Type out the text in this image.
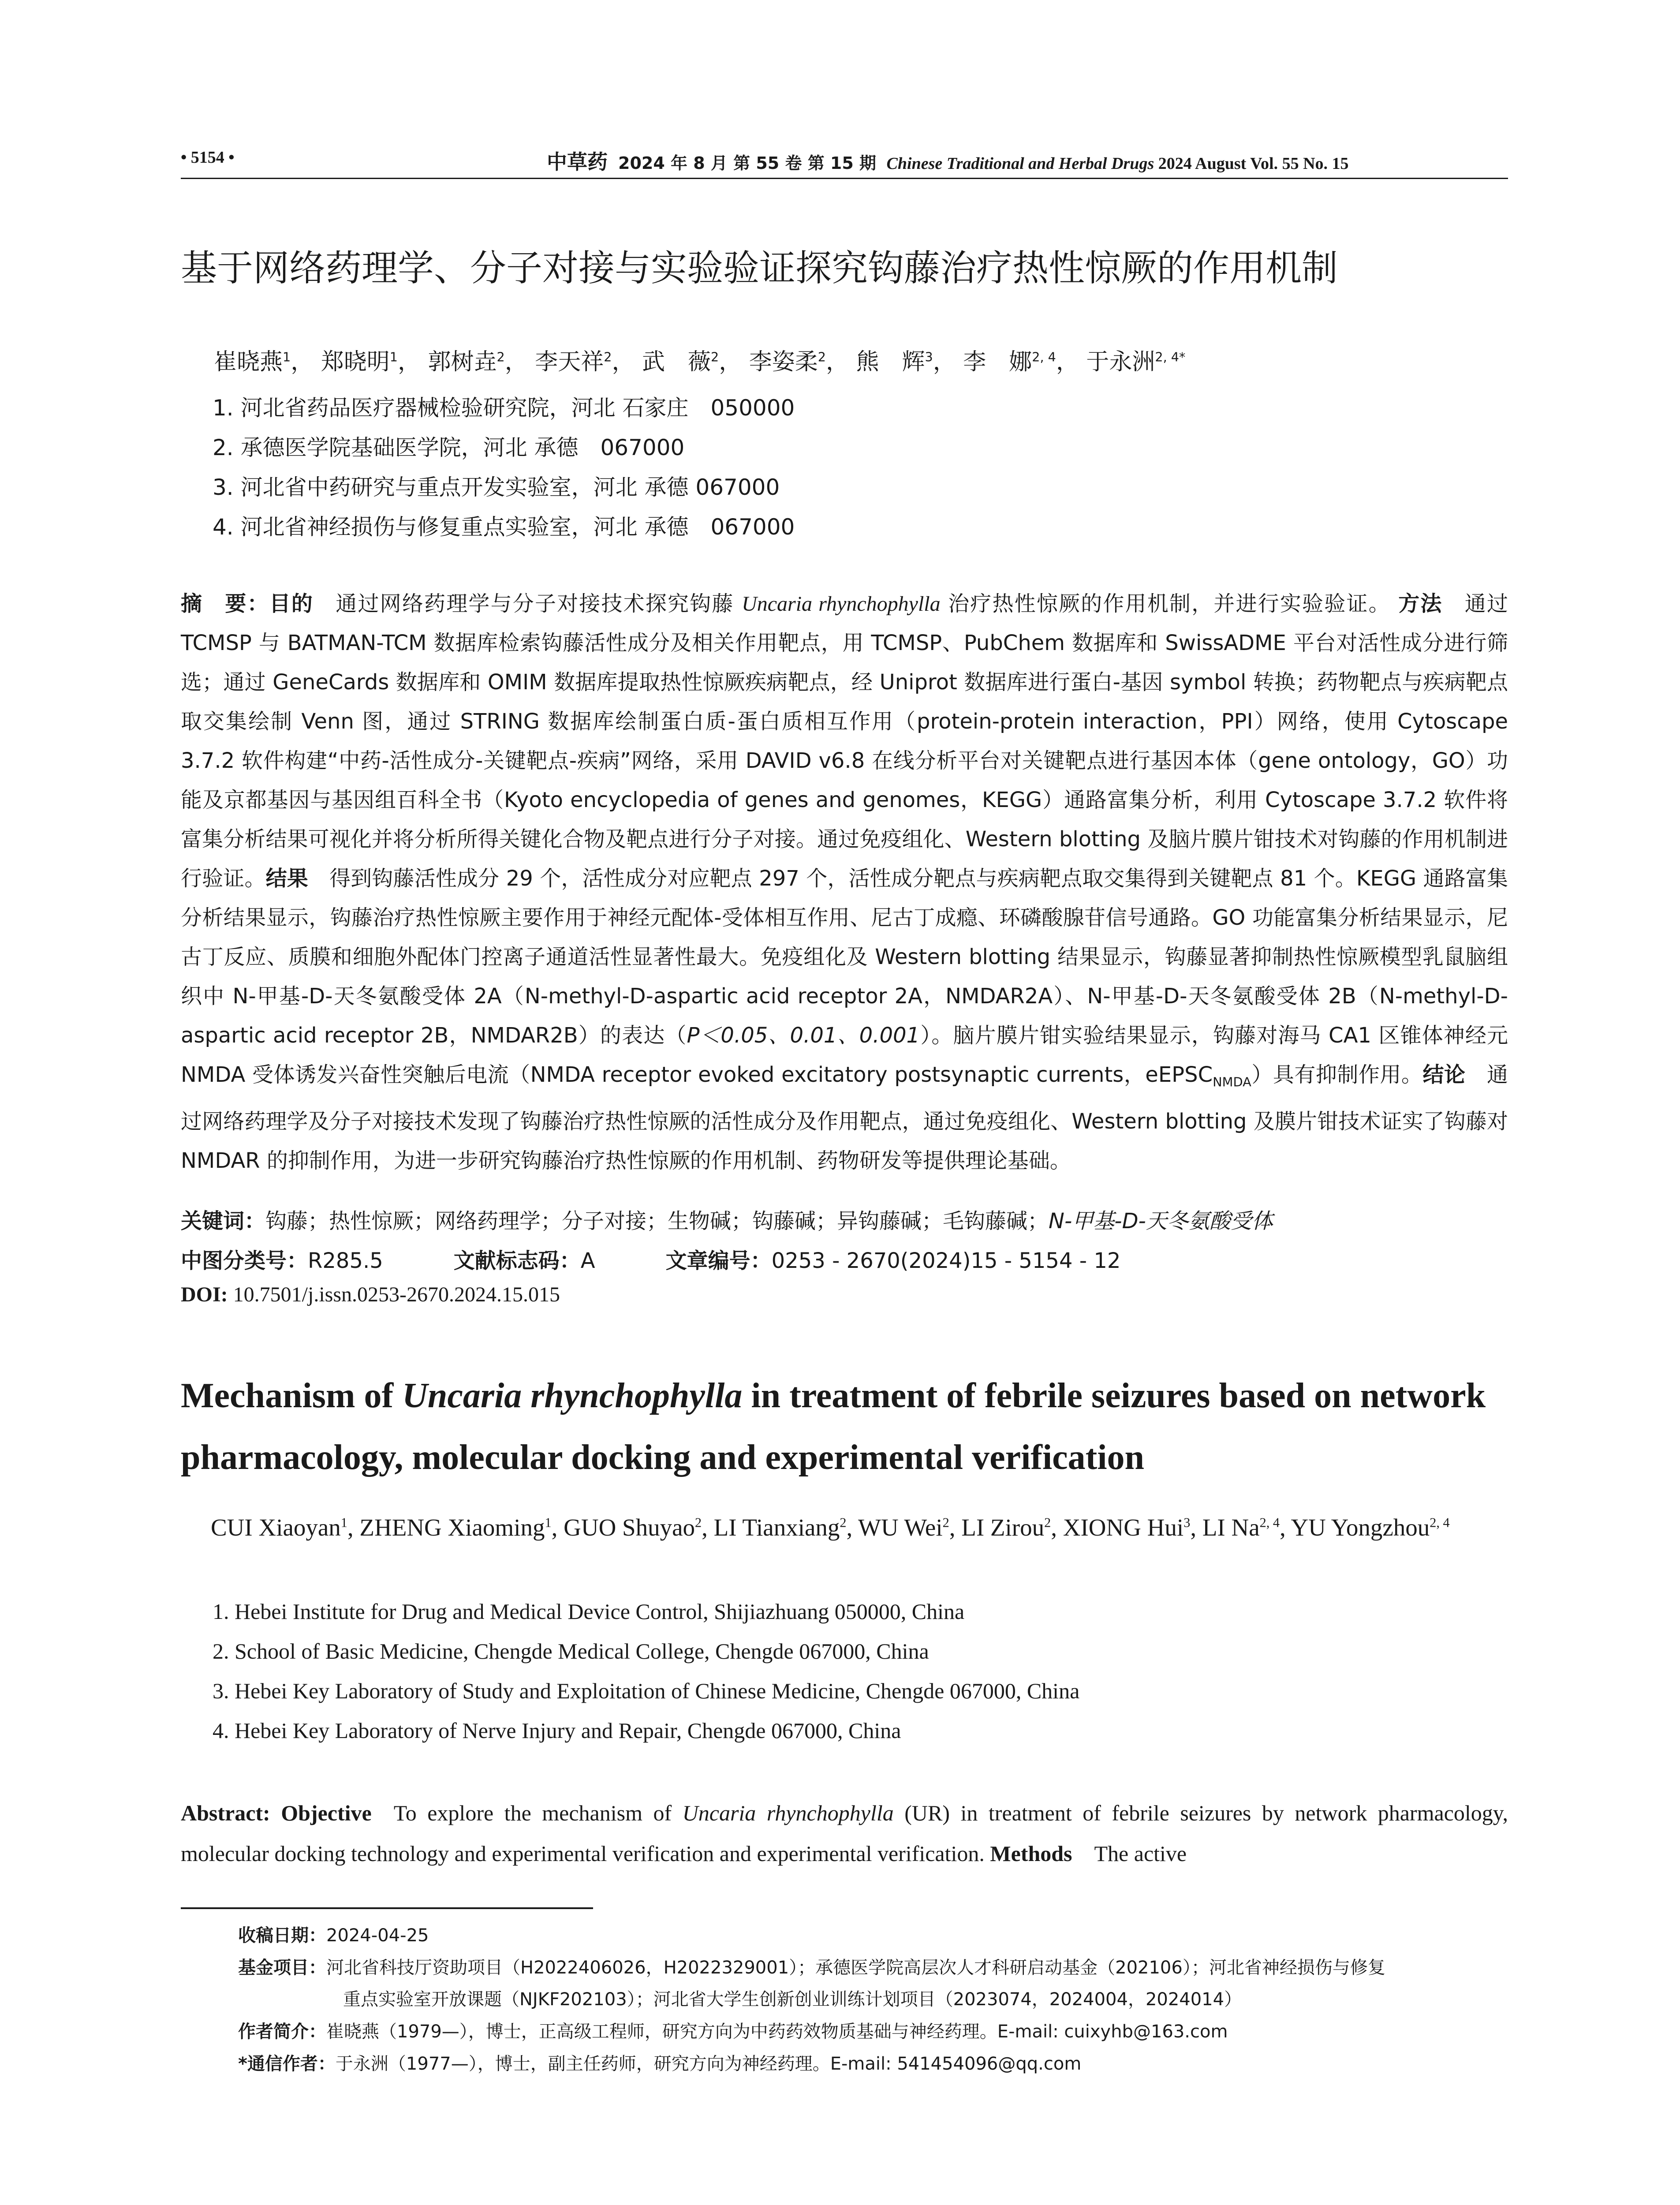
• 5154 •	中草药 2024 年 8 月 第 55 卷 第 15 期 Chinese Traditional and Herbal Drugs 2024 August Vol. 55 No. 15
基于网络药理学、分子对接与实验验证探究钩藤治疗热性惊厥的作用机制
崔晓燕$^1$， 郑晓明$^1$， 郭树垚$^2$， 李天祥$^2$， 武　薇$^2$， 李姿柔$^2$， 熊　辉$^3$， 李　娜$^{2, 4}$， 于永洲$^{2, 4*}$
1. 河北省药品医疗器械检验研究院，河北 石家庄　050000
2. 承德医学院基础医学院，河北 承德　067000
3. 河北省中药研究与重点开发实验室，河北 承德 067000
4. 河北省神经损伤与修复重点实验室，河北 承德　067000
摘　要：目的  通过网络药理学与分子对接技术探究钩藤 Uncaria rhynchophylla 治疗热性惊厥的作用机制，并进行实验验证。 方法  通过 TCMSP 与 BATMAN-TCM 数据库检索钩藤活性成分及相关作用靶点，用 TCMSP、PubChem 数据库和 SwissADME 平台对活性成分进行筛选；通过 GeneCards 数据库和 OMIM 数据库提取热性惊厥疾病靶点，经 Uniprot 数据库进行蛋白-基因 symbol 转换；药物靶点与疾病靶点取交集绘制 Venn 图，通过 STRING 数据库绘制蛋白质-蛋白质相互作用（protein-protein interaction，PPI）网络，使用 Cytoscape 3.7.2 软件构建“中药-活性成分-关键靶点-疾病”网络，采用 DAVID v6.8 在线分析平台对关键靶点进行基因本体（gene ontology，GO）功能及京都基因与基因组百科全书（Kyoto encyclopedia of genes and genomes，KEGG）通路富集分析，利用 Cytoscape 3.7.2 软件将富集分析结果可视化并将分析所得关键化合物及靶点进行分子对接。通过免疫组化、Western blotting 及脑片膜片钳技术对钩藤的作用机制进行验证。结果  得到钩藤活性成分 29 个，活性成分对应靶点 297 个，活性成分靶点与疾病靶点取交集得到关键靶点 81 个。KEGG 通路富集分析结果显示，钩藤治疗热性惊厥主要作用于神经元配体-受体相互作用、尼古丁成瘾、环磷酸腺苷信号通路。GO 功能富集分析结果显示，尼古丁反应、质膜和细胞外配体门控离子通道活性显著性最大。免疫组化及 Western blotting 结果显示，钩藤显著抑制热性惊厥模型乳鼠脑组织中 N-甲基-D-天冬氨酸受体 2A（N-methyl-D-aspartic acid receptor 2A，NMDAR2A）、N-甲基-D-天冬氨酸受体 2B（N-methyl-D-aspartic acid receptor 2B，NMDAR2B）的表达（P＜0.05、0.01、0.001）。脑片膜片钳实验结果显示，钩藤对海马 CA1 区锥体神经元 NMDA 受体诱发兴奋性突触后电流（NMDA receptor evoked excitatory postsynaptic currents，eEPSC$_{NMDA}$）具有抑制作用。结论  通过网络药理学及分子对接技术发现了钩藤治疗热性惊厥的活性成分及作用靶点，通过免疫组化、Western blotting 及膜片钳技术证实了钩藤对 NMDAR 的抑制作用，为进一步研究钩藤治疗热性惊厥的作用机制、药物研发等提供理论基础。
关键词：钩藤；热性惊厥；网络药理学；分子对接；生物碱；钩藤碱；异钩藤碱；毛钩藤碱；N-甲基-D-天冬氨酸受体
中图分类号：R285.5	文献标志码：A	文章编号：0253 - 2670(2024)15 - 5154 - 12
DOI: 10.7501/j.issn.0253-2670.2024.15.015
Mechanism of Uncaria rhynchophylla in treatment of febrile seizures based on network pharmacology, molecular docking and experimental verification
CUI Xiaoyan$^1$, ZHENG Xiaoming$^1$, GUO Shuyao$^2$, LI Tianxiang$^2$, WU Wei$^2$, LI Zirou$^2$, XIONG Hui$^3$, LI Na$^{2, 4}$, YU Yongzhou$^{2, 4}$
1. Hebei Institute for Drug and Medical Device Control, Shijiazhuang 050000, China
2. School of Basic Medicine, Chengde Medical College, Chengde 067000, China
3. Hebei Key Laboratory of Study and Exploitation of Chinese Medicine, Chengde 067000, China
4. Hebei Key Laboratory of Nerve Injury and Repair, Chengde 067000, China
Abstract: Objective   To explore the mechanism of Uncaria rhynchophylla (UR) in treatment of febrile seizures by network pharmacology, molecular docking technology and experimental verification and experimental verification. Methods   The active
收稿日期：2024-04-25
基金项目：河北省科技厅资助项目（H2022406026，H2022329001）；承德医学院高层次人才科研启动基金（202106）；河北省神经损伤与修复
重点实验室开放课题（NJKF202103）；河北省大学生创新创业训练计划项目（2023074，2024004，2024014）
作者简介：崔晓燕（1979—），博士，正高级工程师，研究方向为中药药效物质基础与神经药理。E-mail: cuixyhb@163.com
*通信作者：于永洲（1977—），博士，副主任药师，研究方向为神经药理。E-mail: 541454096@qq.com
